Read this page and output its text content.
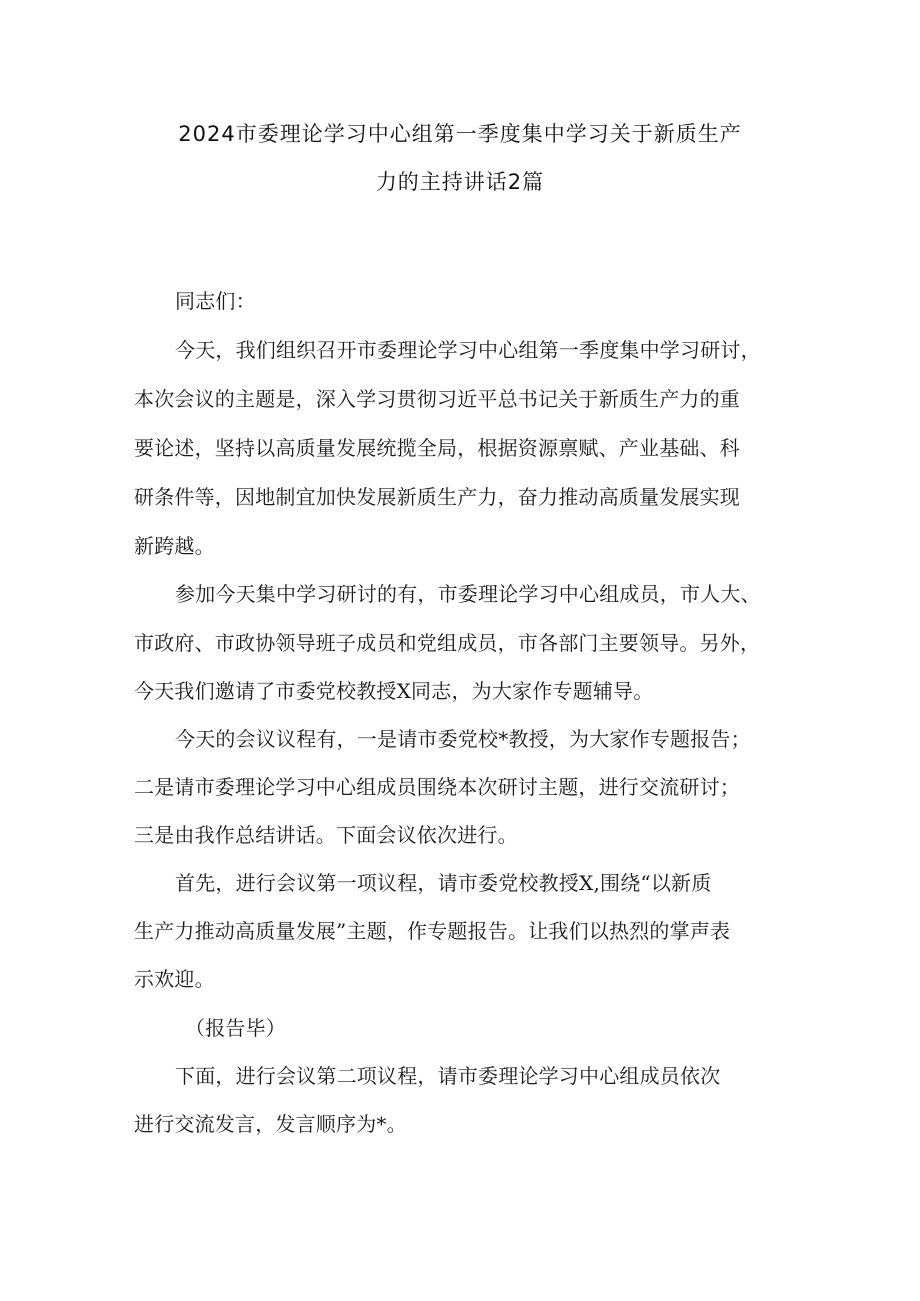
2024市委理论学习中心组第一季度集中学习关于新质生产
力的主持讲话2篇
同志们：
今天，我们组织召开市委理论学习中心组第一季度集中学习研讨，
本次会议的主题是，深入学习贯彻习近平总书记关于新质生产力的重
要论述，坚持以高质量发展统揽全局，根据资源禀赋、产业基础、科
研条件等，因地制宜加快发展新质生产力，奋力推动高质量发展实现
新跨越。
参加今天集中学习研讨的有，市委理论学习中心组成员，市人大、
市政府、市政协领导班子成员和党组成员，市各部门主要领导。另外，
今天我们邀请了市委党校教授X同志，为大家作专题辅导。
今天的会议议程有，一是请市委党校*教授，为大家作专题报告；
二是请市委理论学习中心组成员围绕本次研讨主题，进行交流研讨；
三是由我作总结讲话。下面会议依次进行。
首先，进行会议第一项议程，请市委党校教授X,围绕“以新质
生产力推动高质量发展”主题，作专题报告。让我们以热烈的掌声表
示欢迎。
（报告毕）
下面，进行会议第二项议程，请市委理论学习中心组成员依次
进行交流发言，发言顺序为*。
